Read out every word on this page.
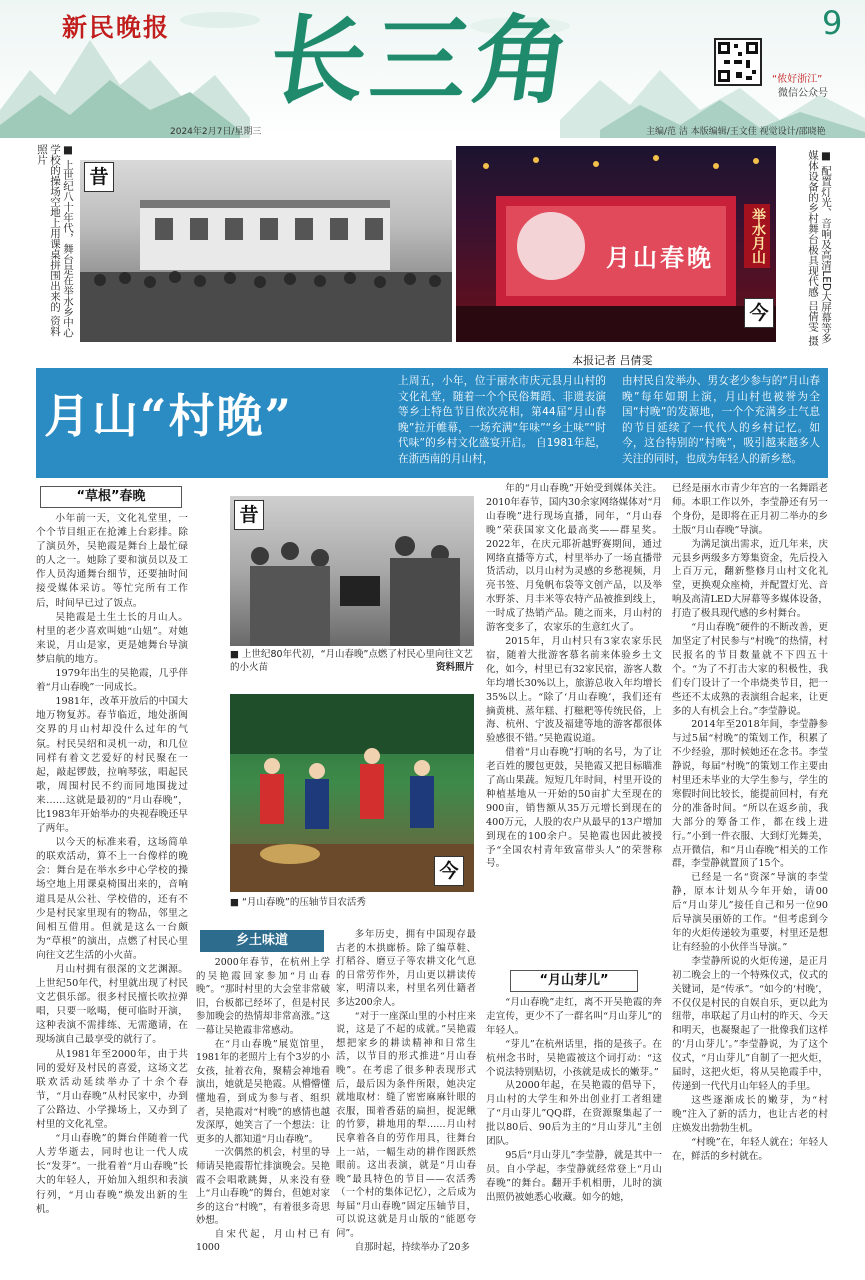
新民晚报 长三角	9
“侬好浙江”
微信公众号
2024年2月7日/星期三	主编/范 洁 本版编辑/王文佳 视觉设计/邵晓艳
■ 上世纪八十年代，舞台是在举水乡中心学校的操场空地上用课桌拼围出来的 资料照片
昔
月山春晚	举水月山
今	■ 配置灯光、音响及高清LED大屏幕等多媒体设备的乡村舞台极具现代感 吕倩雯 摄
本报记者 吕倩雯
月山“村晚”
上周五，小年，位于丽水市庆元县月山村的文化礼堂，随着一个个民俗舞蹈、非遗表演等乡土特色节目依次亮相，第44届“月山春晚”拉开帷幕，一场充满“年味”“乡土味”“时代味”的乡村文化盛宴开启。 自1981年起，在浙西南的月山村，
由村民自发举办、男女老少参与的“月山春晚”每年如期上演，月山村也被誉为全国“村晚”的发源地，一个个充满乡土气息的节目延续了一代代人的乡村记忆。如今，这台特别的“村晚”，吸引越来越多人关注的同时，也成为年轻人的新乡愁。
“草根”春晚

小年前一天，文化礼堂里，一个个节目组正在抢滩上台彩排。除了演员外，吴艳霞是舞台上最忙碌的人之一。她除了要和演员以及工作人员沟通舞台细节，还要抽时间接受媒体采访。等忙完所有工作后，时间早已过了饭点。

吴艳霞是土生土长的月山人。村里的老少喜欢叫她“山妞”。对她来说，月山是家，更是她舞台导演梦启航的地方。

1979年出生的吴艳霞，几乎伴着“月山春晚”一同成长。

1981年，改革开放后的中国大地万物复苏。春节临近，地处浙闽交界的月山村却没什么过年的气氛。村民吴绍和灵机一动，和几位同样有着文艺爱好的村民聚在一起，敲起锣鼓，拉响琴弦，唱起民歌，周围村民不约而同地围拢过来……这就是最初的“月山春晚”，比1983年开始举办的央视春晚还早了两年。

以今天的标准来看，这场简单的联欢活动，算不上一台像样的晚会：舞台是在举水乡中心学校的操场空地上用课桌椅围出来的，音响道具是从公社、学校借的，还有不少是村民家里现有的物品，邻里之间相互借用。但就是这么一台颇为“草根”的演出，点燃了村民心里向往文艺生活的小火苗。

月山村拥有很深的文艺渊源。上世纪50年代，村里就出现了村民文艺俱乐部。很多村民擅长吹拉弹唱，只要一吆喝，便可临时开演，这种表演不需排练、无需邀请，在现场演自己最享受的就行了。

从1981年至2000年，由于共同的爱好及村民的喜爱，这场文艺联欢活动延续举办了十余个春节，“月山春晚”从村民家中，办到了公路边、小学操场上，又办到了村里的文化礼堂。

“月山春晚”的舞台伴随着一代人芳华逝去，同时也让一代人成长“发芽”。一批看着“月山春晚”长大的年轻人，开始加入组织和表演行列，“月山春晚”焕发出新的生机。

昔
■ 上世纪80年代初，“月山春晚”点燃了村民心里向往文艺的小火苗	资料照片
今
■ “月山春晚”的压轴节目农活秀
乡土味道

2000年春节，在杭州上学的吴艳霞回家参加“月山春晚”。“那时村里的大会堂非常破旧，台板都已经坏了，但是村民参加晚会的热情却非常高涨。”这一幕让吴艳霞非常感动。

在“月山春晚”展览馆里，1981年的老照片上有个3岁的小女孩，扯着衣角，聚精会神地看演出，她就是吴艳霞。从懵懵懂懂地看，到成为参与者、组织者，吴艳霞对“村晚”的感情也越发深厚，她笑言了一个想法：让更多的人都知道“月山春晚”。

一次偶然的机会，村里的导师请吴艳霞帮忙排演晚会。吴艳霞不会唱歌跳舞，从来没有登上“月山春晚”的舞台，但她对家乡的这台“村晚”，有着很多奇思妙想。

自宋代起，月山村已有1000

多年历史，拥有中国现存最古老的木拱廊桥。除了编草鞋、打稻谷、磨豆子等农耕文化气息的日常劳作外，月山更以耕读传家，明清以来，村里名列仕籍者多达200余人。

“对于一座深山里的小村庄来说，这是了不起的成就。”吴艳霞想把家乡的耕读精神和日常生活，以节目的形式推进“月山春晚”。在考虑了很多种表现形式后，最后因为条件所限，她决定就地取材：缝了密密麻麻针眼的衣服，围着香菇的扁担，捉泥鳅的竹箩，耕地用的犁……月山村民拿着各自的劳作用具，往舞台上一站，一幅生动的耕作图跃然眼前。这出表演，就是“月山春晚”最具特色的节目——农活秀（一个村的集体记忆），之后成为每届“月山春晚”固定压轴节目，可以说这就是月山版的“能愿夸问”。

自那时起，持续举办了20多

年的“月山春晚”开始受到媒体关注。2010年春节，国内30余家网络媒体对“月山春晚”进行现场直播，同年，“月山春晚”荣获国家文化最高奖——群星奖。2022年，在庆元耶祈越野赛期间，通过网络直播等方式，村里举办了一场直播带货活动，以月山村为灵感的乡愁视频，月亮书签、月兔帆布袋等文创产品，以及举水野茶、月丰米等农特产品被推到线上，一时成了热销产品。随之而来，月山村的游客变多了，农家乐的生意红火了。

2015年，月山村只有3家农家乐民宿，随着大批游客慕名前来体验乡土文化，如今，村里已有32家民宿，游客人数年均增长30%以上，旅游总收入年均增长35%以上。“除了‘月山春晚’，我们还有摘黄桃、蒸年糕、打糍粑等传统民俗，上海、杭州、宁波及福建等地的游客都很体验感很不错。”吴艳霞说道。

借着“月山春晚”打响的名号，为了让老百姓的腰包更鼓，吴艳霞又把目标瞄准了高山果蔬。短短几年时间，村里开设的种植基地从一开始的50亩扩大至现在的900亩，销售额从35万元增长到现在的400万元，人股的农户从最早的13户增加到现在的100余户。吴艳霞也因此被授予“全国农村青年致富带头人”的荣誉称号。

“月山芽儿”

“月山春晚”走红，离不开吴艳霞的奔走宣传，更少不了一群名叫“月山芽儿”的年轻人。

“芽儿”在杭州话里，指的是孩子。在杭州念书时，吴艳霞被这个词打动：“这个说法特别贴切，小孩就是成长的嫩芽。”

从2000年起，在吴艳霞的倡导下，月山村的大学生和外出创业打工者组建了“月山芽儿”QQ群，在资源聚集起了一批以80后、90后为主的“月山芽儿”主创团队。

95后“月山芽儿”李莹静，就是其中一员。自小学起，李莹静就经常登上“月山春晚”的舞台。翻开手机相册，儿时的演出照仍被她悉心收藏。如今的她，

已经是丽水市青少年宫的一名舞蹈老师。本职工作以外，李莹静还有另一个身份，是即将在正月初二举办的乡土版“月山春晚”导演。

为满足演出需求，近几年来，庆元县乡两级多方筹集资金，先后投入上百万元，翻新整修月山村文化礼堂，更换观众座椅，并配置灯光、音响及高清LED大屏幕等多媒体设备，打造了极具现代感的乡村舞台。

“月山春晚”硬件的不断改善，更加坚定了村民参与“村晚”的热情，村民报名的节目数量就不下四五十个。“为了不打击大家的积极性，我们专门设计了一个串烧类节目，把一些还不太成熟的表演组合起来，让更多的人有机会上台。”李莹静说。

2014年至2018年间，李莹静参与过5届“村晚”的策划工作，积累了不少经验，那时候她还在念书。李莹静说，每届“村晚”的策划工作主要由村里还未毕业的大学生参与，学生的寒假时间比较长，能提前回村，有充分的准备时间。“所以在返乡前，我大部分的筹备工作，都在线上进行。”小到一件衣服、大到灯光舞美，点开微信，和“月山春晚”相关的工作群，李莹静就置顶了15个。

已经是一名“资深”导演的李莹静，原本计划从今年开始，请00后“月山芽儿”接任自己和另一位90后导演吴丽娇的工作。“但考虑到今年的火炬传递较为重要，村里还是想让有经验的小伙伴当导演。”

李莹静所说的火炬传递，是正月初二晚会上的一个特殊仪式，仪式的关键词，是“传承”。“如今的‘村晚’，不仅仅是村民的自娱自乐，更以此为纽带，串联起了月山村的昨天、今天和明天，也凝聚起了一批像我们这样的‘月山芽儿’。”李莹静说，为了这个仪式，“月山芽儿”自制了一把火炬，届时，这把火炬，将从吴艳霞手中，传递到一代代月山年轻人的手里。

这些逐渐成长的嫩芽，为“村晚”注入了新的活力，也让古老的村庄焕发出勃勃生机。

“村晚”在，年轻人就在；年轻人在，鲜活的乡村就在。
